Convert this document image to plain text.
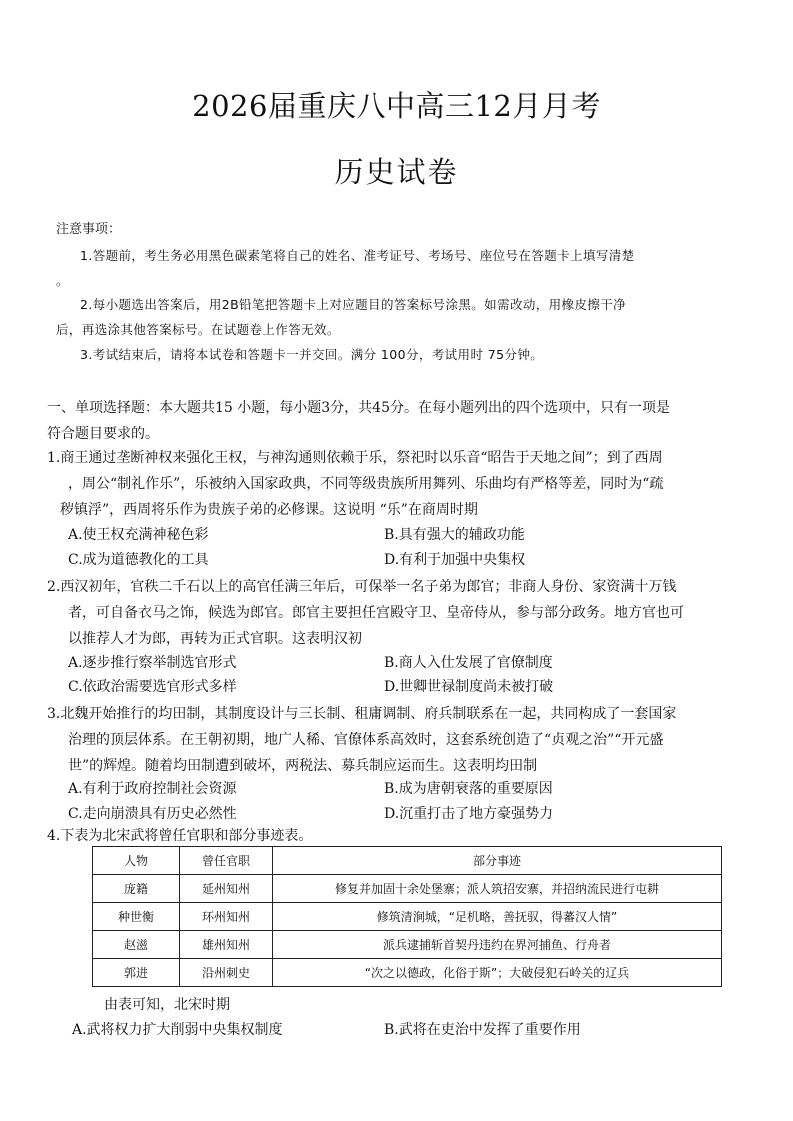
2026届重庆八中高三12月月考
历史试卷
注意事项：
1.答题前，考生务必用黑色碳素笔将自己的姓名、准考证号、考场号、座位号在答题卡上填写清楚
。
2.每小题选出答案后，用2B铅笔把答题卡上对应题目的答案标号涂黑。如需改动，用橡皮擦干净
后，再选涂其他答案标号。在试题卷上作答无效。
3.考试结束后，请将本试卷和答题卡一并交回。满分 100分，考试用时 75分钟。
一、单项选择题：本大题共15 小题，每小题3分，共45分。在每小题列出的四个选项中，只有一项是
符合题目要求的。
1.商王通过垄断神权来强化王权，与神沟通则依赖于乐，祭祀时以乐音“昭告于天地之间”；到了西周
，周公“制礼作乐”，乐被纳入国家政典，不同等级贵族所用舞列、乐曲均有严格等差，同时为“疏
秽镇浮”，西周将乐作为贵族子弟的必修课。这说明 “乐”在商周时期
A.使王权充满神秘色彩	B.具有强大的辅政功能
C.成为道德教化的工具	D.有利于加强中央集权
2.西汉初年，官秩二千石以上的高官任满三年后，可保举一名子弟为郎官；非商人身份、家资满十万钱
者，可自备衣马之饰，候选为郎官。郎官主要担任宫殿守卫、皇帝侍从，参与部分政务。地方官也可
以推荐人才为郎，再转为正式官职。这表明汉初
A.逐步推行察举制选官形式	B.商人入仕发展了官僚制度
C.依政治需要选官形式多样	D.世卿世禄制度尚未被打破
3.北魏开始推行的均田制，其制度设计与三长制、租庸调制、府兵制联系在一起，共同构成了一套国家
治理的顶层体系。在王朝初期，地广人稀、官僚体系高效时，这套系统创造了“贞观之治”“开元盛
世”的辉煌。随着均田制遭到破坏，两税法、募兵制应运而生。这表明均田制
A.有利于政府控制社会资源	B.成为唐朝衰落的重要原因
C.走向崩溃具有历史必然性	D.沉重打击了地方豪强势力
4.下表为北宋武将曾任官职和部分事迹表。
人物	曾任官职	部分事迹
庞籍	延州知州	修复并加固十余处堡寨；派人筑招安寨，并招纳流民进行屯耕
种世衡	环州知州	修筑清涧城，“足机略，善抚驭，得蕃汉人情”
赵滋	雄州知州	派兵逮捕斩首契丹违约在界河捕鱼、行舟者
郭进	沿州刺史	“次之以德政，化俗于斯”；大破侵犯石岭关的辽兵
由表可知，北宋时期
A.武将权力扩大削弱中央集权制度	B.武将在吏治中发挥了重要作用
